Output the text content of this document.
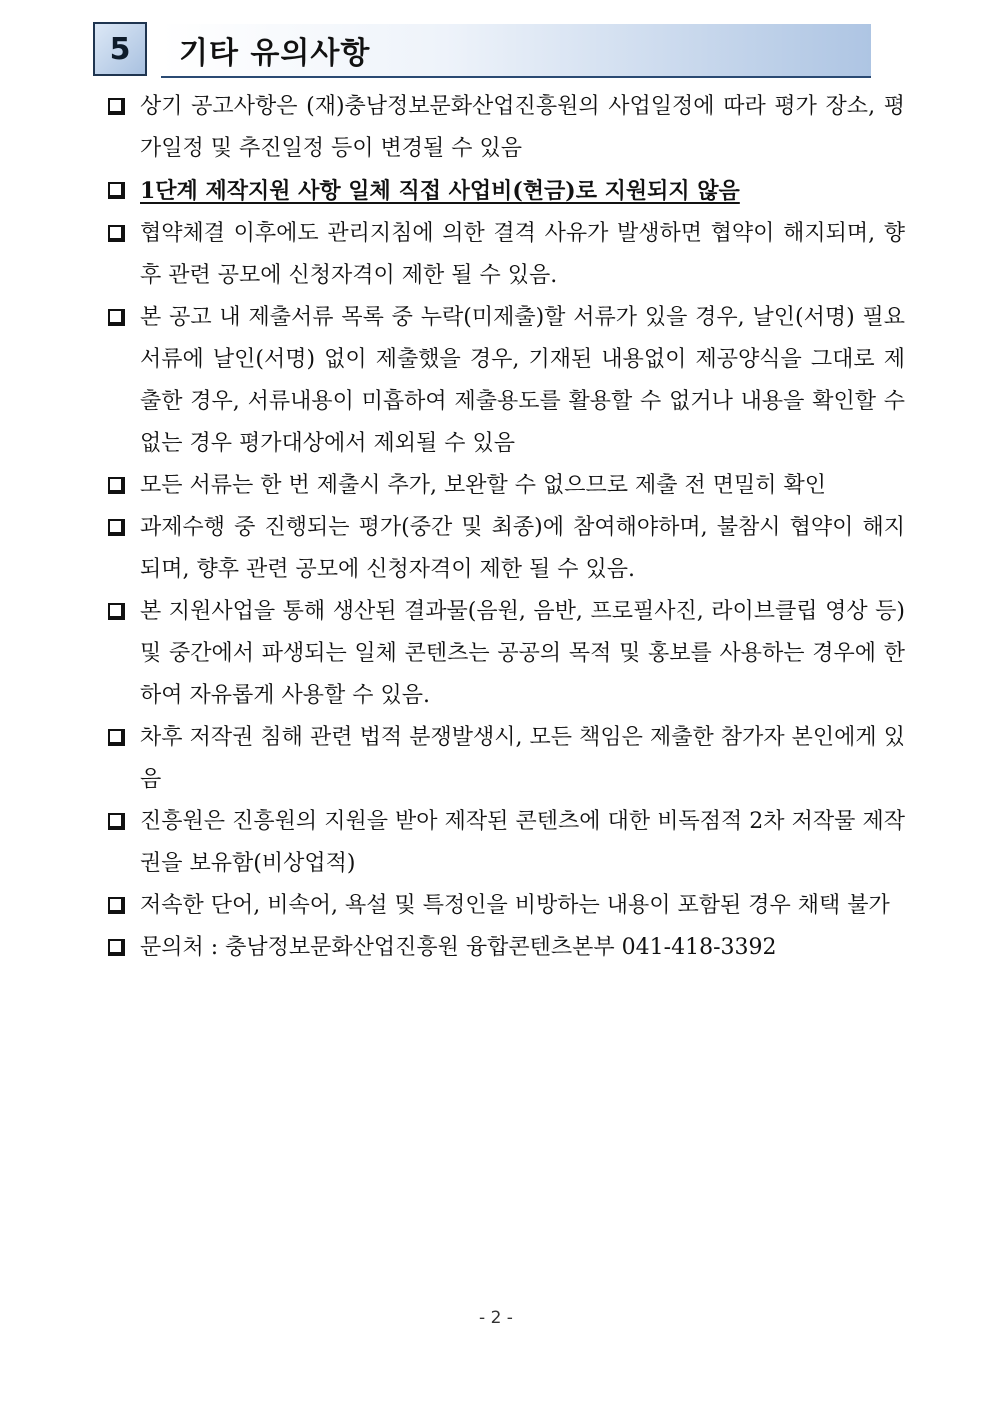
5	기타 유의사항
상기 공고사항은 (재)충남정보문화산업진흥원의 사업일정에 따라 평가 장소, 평가일정 및 추진일정 등이 변경될 수 있음
1단계 제작지원 사항 일체 직접 사업비(현금)로 지원되지 않음
협약체결 이후에도 관리지침에 의한 결격 사유가 발생하면 협약이 해지되며, 향후 관련 공모에 신청자격이 제한 될 수 있음.
본 공고 내 제출서류 목록 중 누락(미제출)할 서류가 있을 경우, 날인(서명) 필요서류에 날인(서명) 없이 제출했을 경우, 기재된 내용없이 제공양식을 그대로 제출한 경우, 서류내용이 미흡하여 제출용도를 활용할 수 없거나 내용을 확인할 수 없는 경우 평가대상에서 제외될 수 있음
모든 서류는 한 번 제출시 추가, 보완할 수 없으므로 제출 전 면밀히 확인
과제수행 중 진행되는 평가(중간 및 최종)에 참여해야하며, 불참시 협약이 해지되며, 향후 관련 공모에 신청자격이 제한 될 수 있음.
본 지원사업을 통해 생산된 결과물(음원, 음반, 프로필사진, 라이브클립 영상 등) 및 중간에서 파생되는 일체 콘텐츠는 공공의 목적 및 홍보를 사용하는 경우에 한하여 자유롭게 사용할 수 있음.
차후 저작권 침해 관련 법적 분쟁발생시, 모든 책임은 제출한 참가자 본인에게 있음
진흥원은 진흥원의 지원을 받아 제작된 콘텐츠에 대한 비독점적 2차 저작물 제작권을 보유함(비상업적)
저속한 단어, 비속어, 욕설 및 특정인을 비방하는 내용이 포함된 경우 채택 불가
문의처 : 충남정보문화산업진흥원 융합콘텐츠본부 041-418-3392
- 2 -
